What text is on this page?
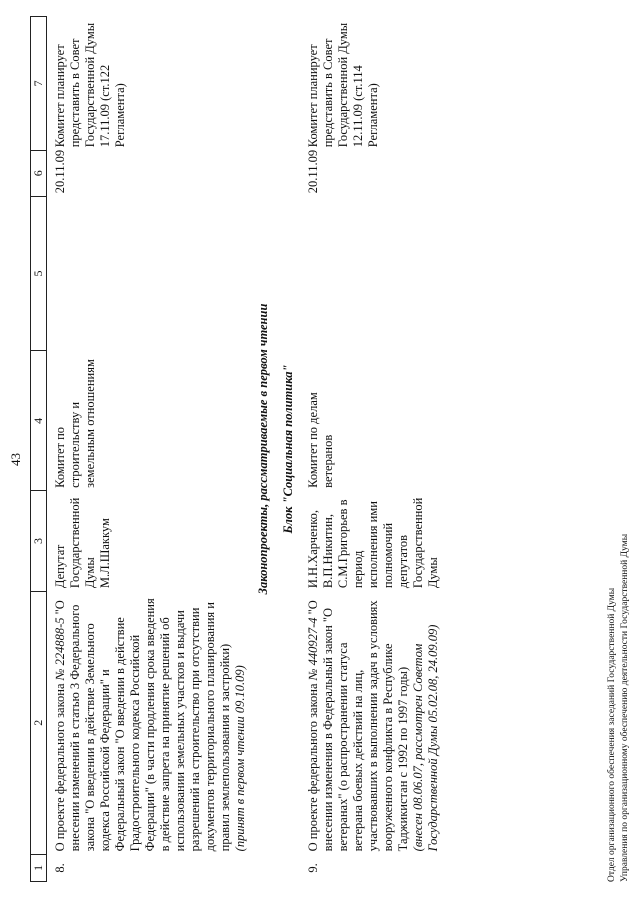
43
1	2	3	4	5	6	7
8.	О проекте федерального закона № 224888-5 "О внесении изменений в статью 3 Федерального закона "О введении в действие Земельного кодекса Российской Федерации" и Федеральный закон "О введении в действие Градостроительного кодекса Российской Федерации" (в части продления срока введения в действие запрета на принятие решений об использовании земельных участков и выдачи разрешений на строительство при отсутствии документов территориального планирования и правил землепользования и застройки) (принят в первом чтении 09.10.09)	Депутат Государственной Думы М.Л.Шаккум	Комитет по строительству и земельным отношениям		20.11.09	Комитет планирует представить в Совет Государственной Думы 17.11.09 (ст.122 Регламента)
Законопроекты, рассматриваемые в первом чтении						
Блок "Социальная политика"						
9.	О проекте федерального закона № 440927-4 "О внесении изменения в Федеральный закон "О ветеранах" (о распространении статуса ветерана боевых действий на лиц, участвовавших в выполнении задач в условиях вооруженного конфликта в Республике Таджикистан с 1992 по 1997 годы) (внесен 08.06.07, рассмотрен Советом Государственной Думы 05.02.08, 24.09.09)	И.Н.Харченко, В.П.Никитин, С.М.Григорьев в период исполнения ими полномочий депутатов Государственной Думы	Комитет по делам ветеранов		20.11.09	Комитет планирует представить в Совет Государственной Думы 12.11.09 (ст.114 Регламента)
Отдел организационного обеспечения заседаний Государственной Думы Управления по организационному обеспечению деятельности Государственной Думы
